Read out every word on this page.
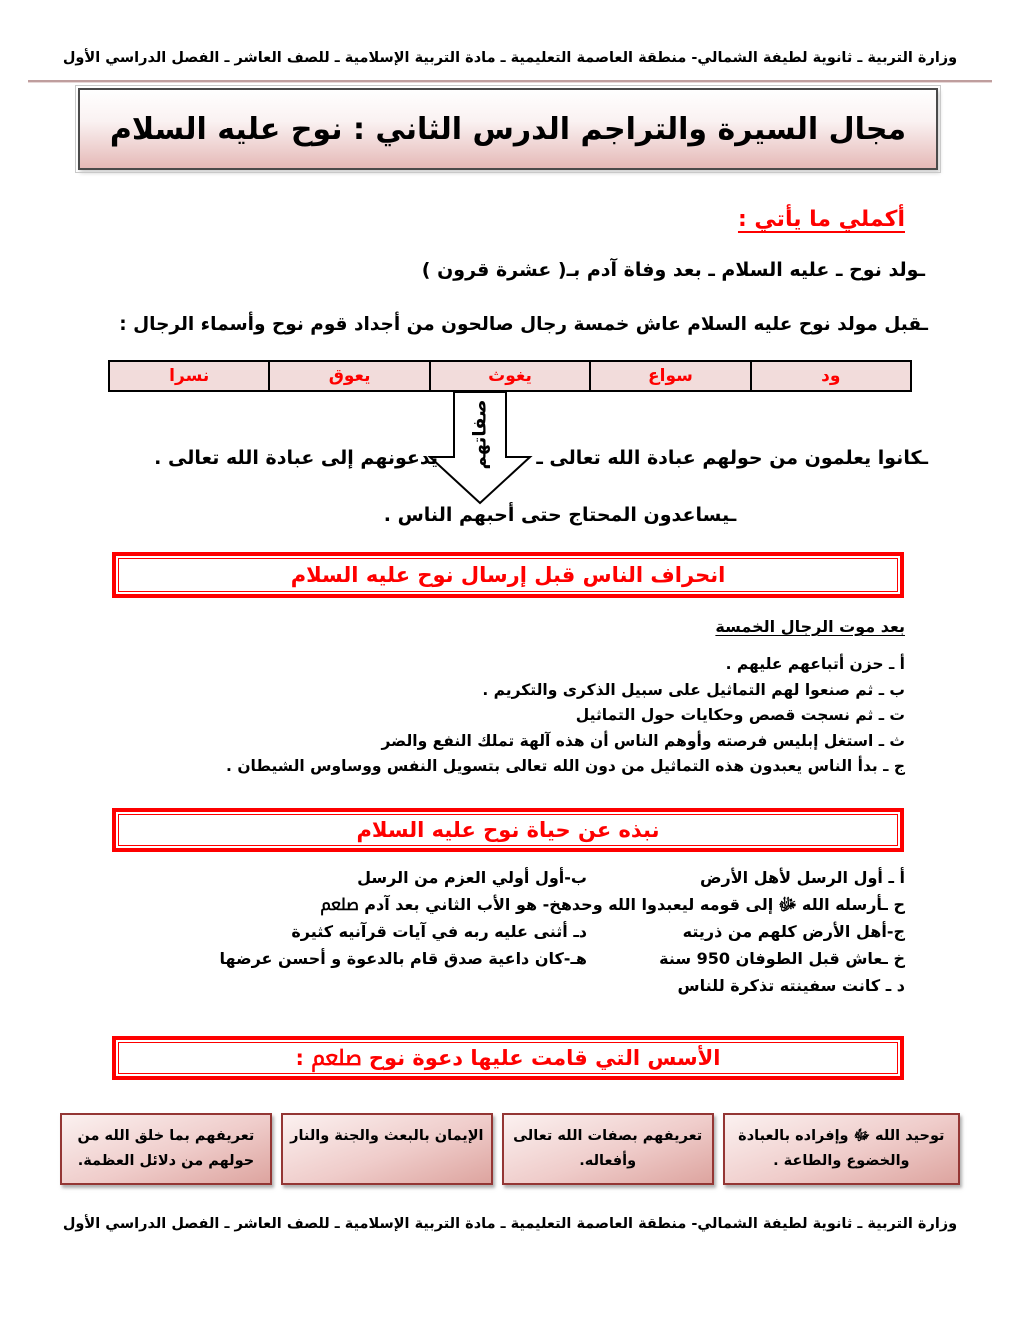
وزارة التربية ـ ثانوية لطيفة الشمالي- منطقة العاصمة التعليمية ـ مادة التربية الإسلامية ـ للصف العاشر ـ الفصل الدراسي الأول
مجال السيرة والتراجم الدرس الثاني : نوح عليه السلام
أكملي ما يأتي :
ـولد نوح ـ عليه السلام ـ بعد وفاة آدم بـ( عشرة قرون )
ـقبل مولد نوح عليه السلام عاش خمسة رجال صالحون من أجداد قوم نوح وأسماء الرجال :
ود	سواع	يغوث	يعوق	نسرا
صفاتهم ـكانوا يعلمون من حولهم عبادة الله تعالى ـ
يدعونهم إلى عبادة الله تعالى .
ـيساعدون المحتاج حتى أحبهم الناس .
انحراف الناس قبل إرسال نوح عليه السلام
بعد موت الرجال الخمسة
أ ـ حزن أتباعهم عليهم .
ب ـ ثم صنعوا لهم التماثيل على سبيل الذكرى والتكريم .
ت ـ ثم نسجت قصص وحكايات حول التماثيل
ث ـ استغل إبليس فرصته وأوهم الناس أن هذه آلهة تملك النفع والضر
ج ـ بدأ الناس يعبدون هذه التماثيل من دون الله تعالى بتسويل النفس ووساوس الشيطان .
نبذه عن حياة نوح عليه السلام
أ ـ أول الرسل لأهل الأرض
ب-أول أولي العزم من الرسل
ح ـأرسله الله ﷻ إلى قومه ليعبدوا الله وحدهخ- هو الأب الثاني بعد آدم ﷵ
ج-أهل الأرض كلهم من ذريته
دـ أثنى عليه ربه في آيات قرآنيه كثيرة
خ ـعاش قبل الطوفان 950 سنة
هـ-كان داعية صدق قام بالدعوة و أحسن عرضها
د ـ كانت سفينته تذكرة للناس
الأسس التي قامت عليها دعوة نوح ﷵ :
توحيد الله ﷻ وإفراده بالعبادة والخضوع والطاعة .
تعريفهم بصفات الله تعالى وأفعاله.
الإيمان بالبعث والجنة والنار
تعريفهم بما خلق الله من حولهم من دلائل العظمة.
وزارة التربية ـ ثانوية لطيفة الشمالي- منطقة العاصمة التعليمية ـ مادة التربية الإسلامية ـ للصف العاشر ـ الفصل الدراسي الأول
